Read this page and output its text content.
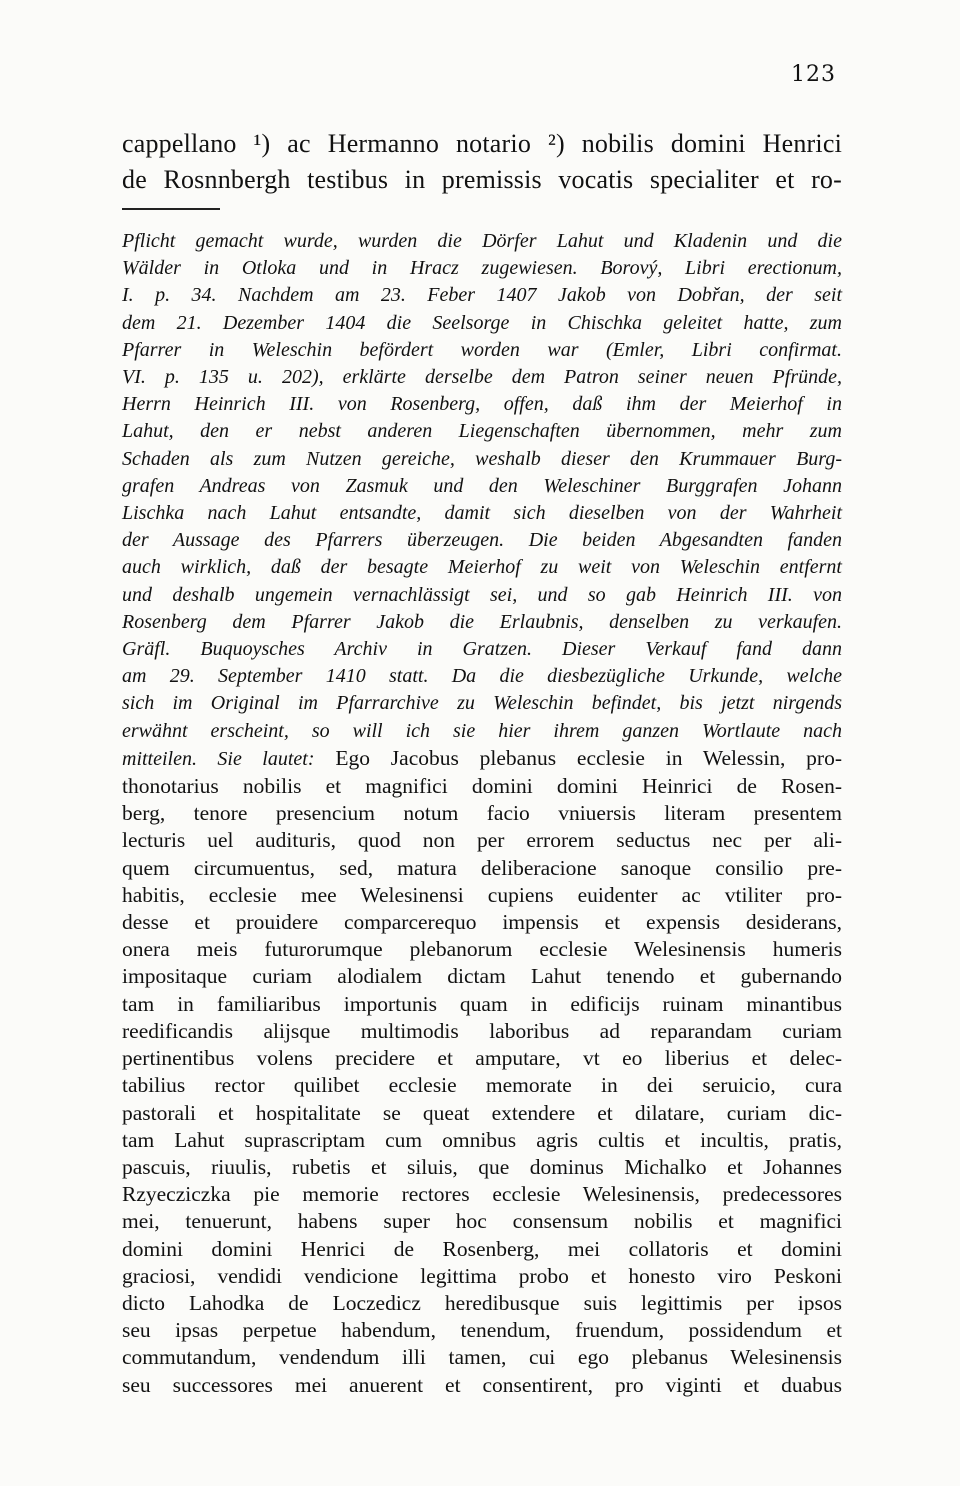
123
cappellano ¹) ac Hermanno notario ²) nobilis domini Henrici
de Rosnnbergh testibus in premissis vocatis specialiter et ro-
Pflicht gemacht wurde, wurden die Dörfer Lahut und Kladenin und die
Wälder in Otloka und in Hracz zugewiesen. Borový, Libri erectionum,
I. p. 34. Nachdem am 23. Feber 1407 Jakob von Dobřan, der seit
dem 21. Dezember 1404 die Seelsorge in Chischka geleitet hatte, zum
Pfarrer in Weleschin befördert worden war (Emler, Libri confirmat.
VI. p. 135 u. 202), erklärte derselbe dem Patron seiner neuen Pfründe,
Herrn Heinrich III. von Rosenberg, offen, daß ihm der Meierhof in
Lahut, den er nebst anderen Liegenschaften übernommen, mehr zum
Schaden als zum Nutzen gereiche, weshalb dieser den Krummauer Burg-
grafen Andreas von Zasmuk und den Weleschiner Burggrafen Johann
Lischka nach Lahut entsandte, damit sich dieselben von der Wahrheit
der Aussage des Pfarrers überzeugen. Die beiden Abgesandten fanden
auch wirklich, daß der besagte Meierhof zu weit von Weleschin entfernt
und deshalb ungemein vernachlässigt sei, und so gab Heinrich III. von
Rosenberg dem Pfarrer Jakob die Erlaubnis, denselben zu verkaufen.
Gräfl. Buquoysches Archiv in Gratzen. Dieser Verkauf fand dann
am 29. September 1410 statt. Da die diesbezügliche Urkunde, welche
sich im Original im Pfarrarchive zu Weleschin befindet, bis jetzt nirgends
erwähnt erscheint, so will ich sie hier ihrem ganzen Wortlaute nach
mitteilen. Sie lautet: Ego Jacobus plebanus ecclesie in Welessin, pro-
thonotarius nobilis et magnifici domini domini Heinrici de Rosen-
berg, tenore presencium notum facio vniuersis literam presentem
lecturis uel audituris, quod non per errorem seductus nec per ali-
quem circumuentus, sed, matura deliberacione sanoque consilio pre-
habitis, ecclesie mee Welesinensi cupiens euidenter ac vtiliter pro-
desse et prouidere comparcerequo impensis et expensis desiderans,
onera meis futurorumque plebanorum ecclesie Welesinensis humeris
impositaque curiam alodialem dictam Lahut tenendo et gubernando
tam in familiaribus importunis quam in edificijs ruinam minantibus
reedificandis alijsque multimodis laboribus ad reparandam curiam
pertinentibus volens precidere et amputare, vt eo liberius et delec-
tabilius rector quilibet ecclesie memorate in dei seruicio, cura
pastorali et hospitalitate se queat extendere et dilatare, curiam dic-
tam Lahut suprascriptam cum omnibus agris cultis et incultis, pratis,
pascuis, riuulis, rubetis et siluis, que dominus Michalko et Johannes
Rzyecziczka pie memorie rectores ecclesie Welesinensis, predecessores
mei, tenuerunt, habens super hoc consensum nobilis et magnifici
domini domini Henrici de Rosenberg, mei collatoris et domini
graciosi, vendidi vendicione legittima probo et honesto viro Peskoni
dicto Lahodka de Loczedicz heredibusque suis legittimis per ipsos
seu ipsas perpetue habendum, tenendum, fruendum, possidendum et
commutandum, vendendum illi tamen, cui ego plebanus Welesinensis
seu successores mei anuerent et consentirent, pro viginti et duabus
